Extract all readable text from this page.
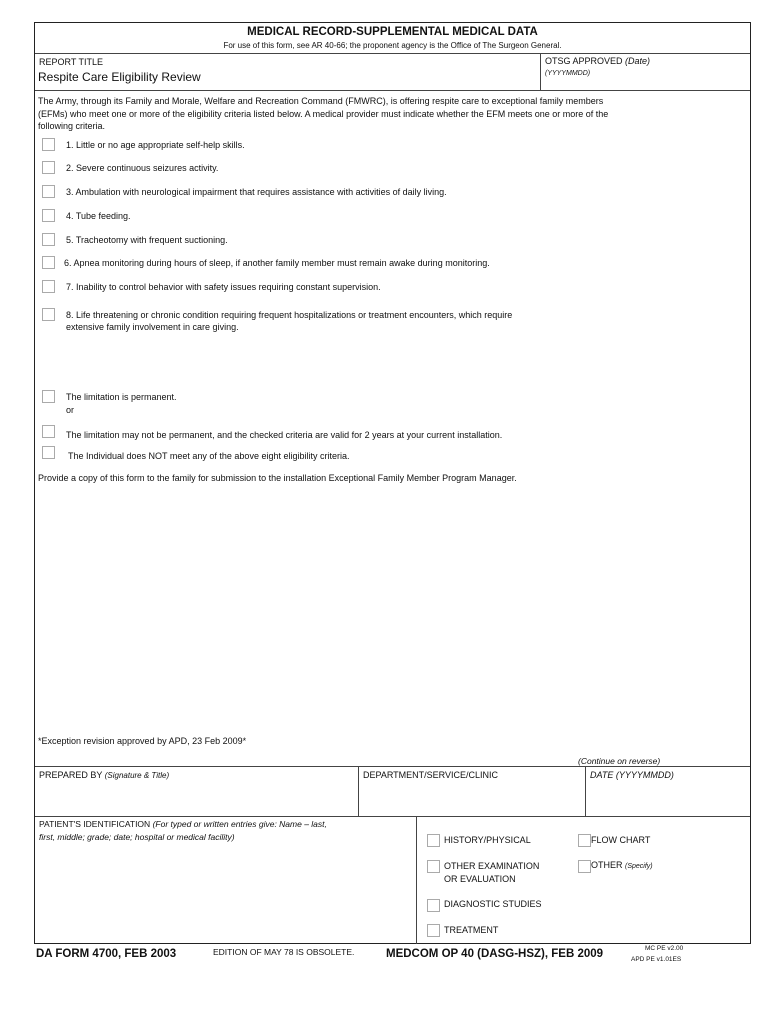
MEDICAL RECORD-SUPPLEMENTAL MEDICAL DATA
For use of this form, see AR 40-66; the proponent agency is the Office of The Surgeon General.
REPORT TITLE
Respite Care Eligibility Review
OTSG APPROVED (Date)
(YYYYMMDD)
The Army, through its Family and Morale, Welfare and Recreation Command (FMWRC), is offering respite care to exceptional family members
(EFMs) who meet one or more of the eligibility criteria listed below. A medical provider must indicate whether the EFM meets one or more of the
following criteria.
1. Little or no age appropriate self-help skills.
2. Severe continuous seizures activity.
3. Ambulation with neurological impairment that requires assistance with activities of daily living.
4. Tube feeding.
5. Tracheotomy with frequent suctioning.
6. Apnea monitoring during hours of sleep, if another family member must remain awake during monitoring.
7. Inability to control behavior with safety issues requiring constant supervision.
8. Life threatening or chronic condition requiring frequent hospitalizations or treatment encounters, which require
extensive family involvement in care giving.
The limitation is permanent.
or
The limitation may not be permanent, and the checked criteria are valid for 2 years at your current installation.
The Individual does NOT meet any of the above eight eligibility criteria.
Provide a copy of this form to the family for submission to the installation Exceptional Family Member Program Manager.
*Exception revision approved by APD, 23 Feb 2009*
(Continue on reverse)
PREPARED BY (Signature & Title)	DEPARTMENT/SERVICE/CLINIC	DATE (YYYYMMDD)
PATIENT'S IDENTIFICATION (For typed or written entries give: Name – last,
first, middle; grade; date; hospital or medical facility)	HISTORY/PHYSICAL	FLOW CHART
OTHER EXAMINATION
OR EVALUATION
OTHER (Specify)
DIAGNOSTIC STUDIES
TREATMENT
DA FORM 4700, FEB 2003	EDITION OF MAY 78 IS OBSOLETE.	MEDCOM OP 40 (DASG-HSZ), FEB 2009	MC PE v2.00
APD PE v1.01ES
